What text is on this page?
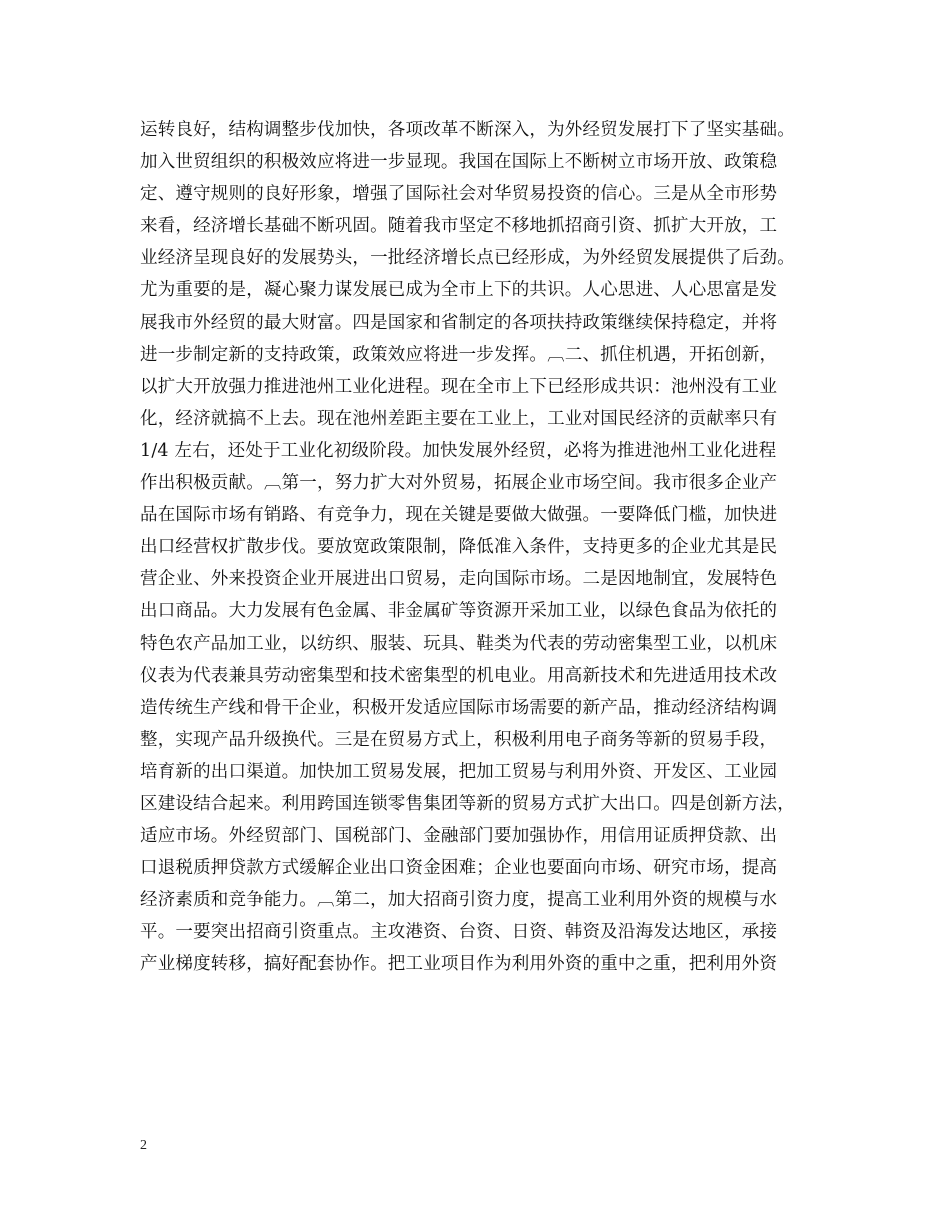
运转良好，结构调整步伐加快，各项改革不断深入，为外经贸发展打下了坚实基础。
加入世贸组织的积极效应将进一步显现。我国在国际上不断树立市场开放、政策稳
定、遵守规则的良好形象，增强了国际社会对华贸易投资的信心。三是从全市形势
来看，经济增长基础不断巩固。随着我市坚定不移地抓招商引资、抓扩大开放，工
业经济呈现良好的发展势头，一批经济增长点已经形成，为外经贸发展提供了后劲。
尤为重要的是，凝心聚力谋发展已成为全市上下的共识。人心思进、人心思富是发
展我市外经贸的最大财富。四是国家和省制定的各项扶持政策继续保持稳定，并将
进一步制定新的支持政策，政策效应将进一步发挥。︹二、抓住机遇，开拓创新，
以扩大开放强力推进池州工业化进程。现在全市上下已经形成共识：池州没有工业
化，经济就搞不上去。现在池州差距主要在工业上，工业对国民经济的贡献率只有
1/4 左右，还处于工业化初级阶段。加快发展外经贸，必将为推进池州工业化进程
作出积极贡献。︹第一，努力扩大对外贸易，拓展企业市场空间。我市很多企业产
品在国际市场有销路、有竞争力，现在关键是要做大做强。一要降低门槛，加快进
出口经营权扩散步伐。要放宽政策限制，降低准入条件，支持更多的企业尤其是民
营企业、外来投资企业开展进出口贸易，走向国际市场。二是因地制宜，发展特色
出口商品。大力发展有色金属、非金属矿等资源开采加工业，以绿色食品为依托的
特色农产品加工业，以纺织、服装、玩具、鞋类为代表的劳动密集型工业，以机床
仪表为代表兼具劳动密集型和技术密集型的机电业。用高新技术和先进适用技术改
造传统生产线和骨干企业，积极开发适应国际市场需要的新产品，推动经济结构调
整，实现产品升级换代。三是在贸易方式上，积极利用电子商务等新的贸易手段，
培育新的出口渠道。加快加工贸易发展，把加工贸易与利用外资、开发区、工业园
区建设结合起来。利用跨国连锁零售集团等新的贸易方式扩大出口。四是创新方法，
适应市场。外经贸部门、国税部门、金融部门要加强协作，用信用证质押贷款、出
口退税质押贷款方式缓解企业出口资金困难；企业也要面向市场、研究市场，提高
经济素质和竞争能力。︹第二，加大招商引资力度，提高工业利用外资的规模与水
平。一要突出招商引资重点。主攻港资、台资、日资、韩资及沿海发达地区，承接
产业梯度转移，搞好配套协作。把工业项目作为利用外资的重中之重，把利用外资
2
